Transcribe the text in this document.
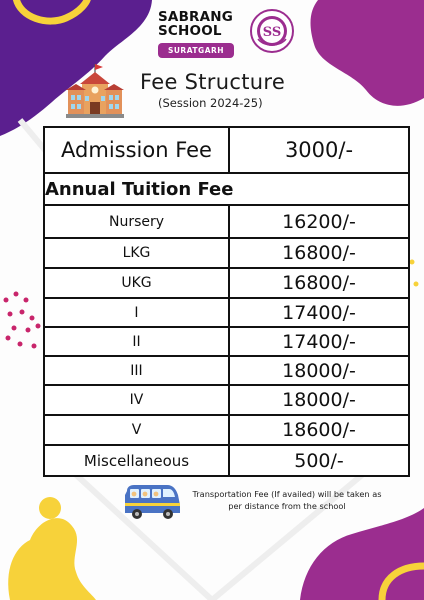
SABRANG
SCHOOL
SURATGARH
SS
Fee Structure
(Session 2024-25)
Admission Fee	3000/-
Annual Tuition Fee	
Nursery	16200/-
LKG	16800/-
UKG	16800/-
I	17400/-
II	17400/-
III	18000/-
IV	18000/-
V	18600/-
Miscellaneous	500/-
Transportation Fee (If availed) will be taken as per distance from the school
